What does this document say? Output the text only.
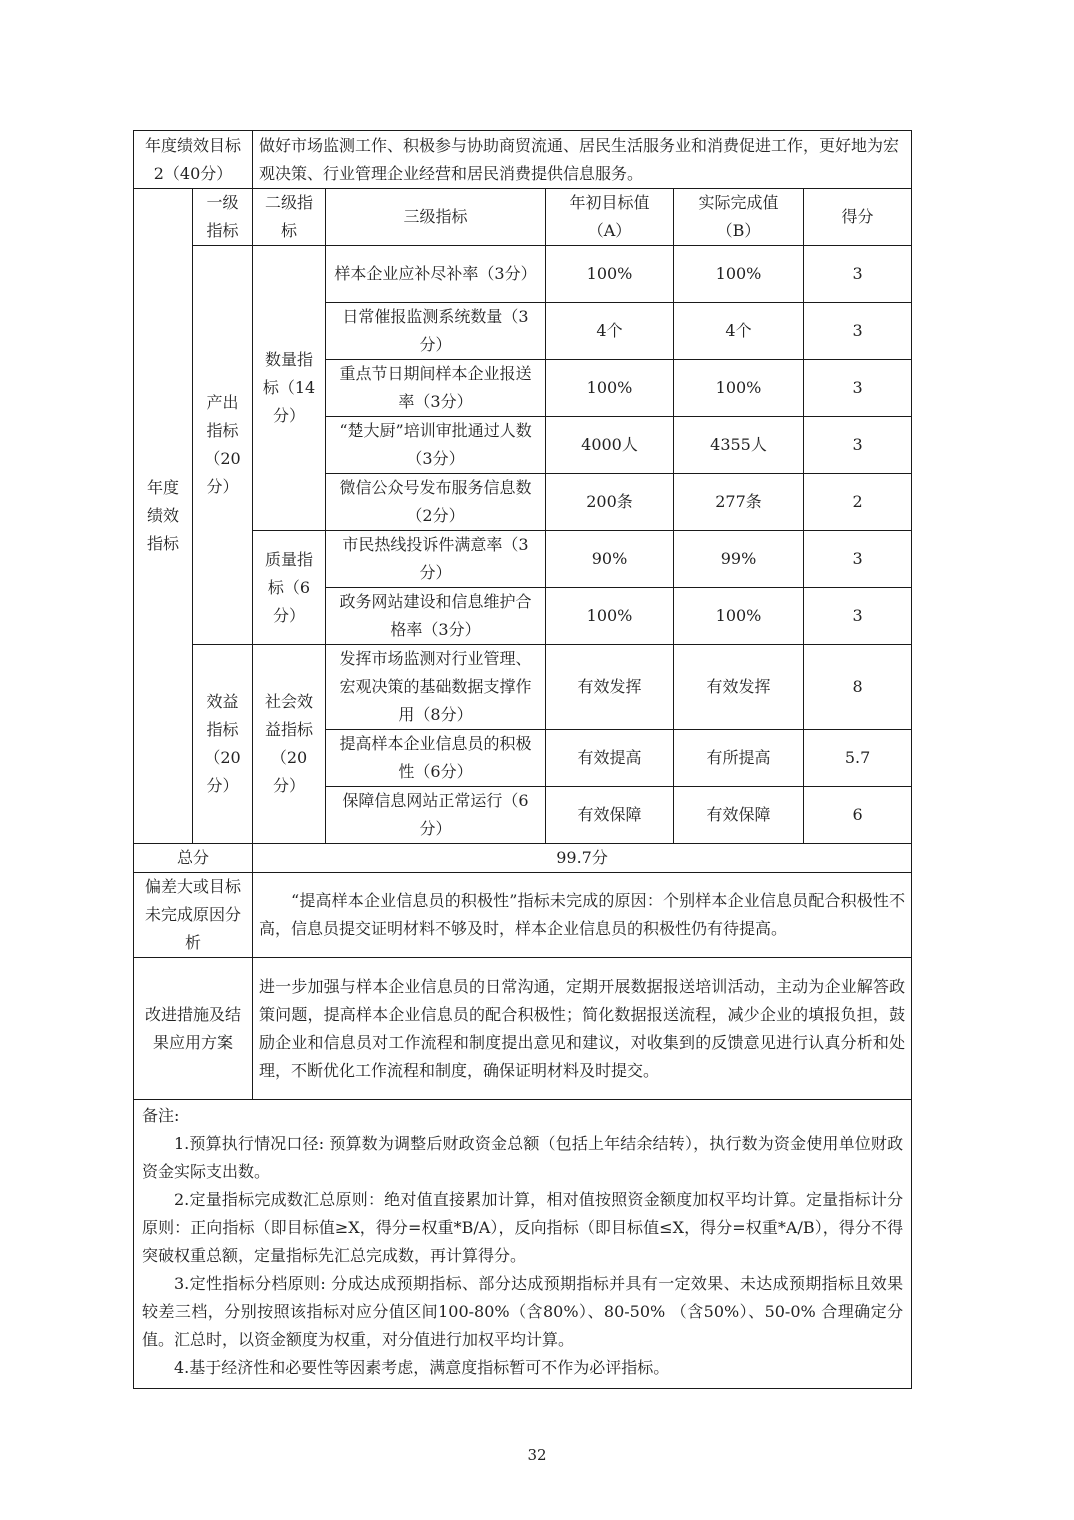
年度绩效目标2（40分）		做好市场监测工作、积极参与协助商贸流通、居民生活服务业和消费促进工作，更好地为宏观决策、行业管理企业经营和居民消费提供信息服务。				
年度绩效指标	一级指标	二级指标	三级指标	年初目标值（A）	实际完成值（B）	得分
	产出指标（20分）	数量指标（14分）	样本企业应补尽补率（3分）	100%	100%	3
			日常催报监测系统数量（3分）	4个	4个	3
			重点节日期间样本企业报送率（3分）	100%	100%	3
			“楚大厨”培训审批通过人数（3分）	4000人	4355人	3
			微信公众号发布服务信息数（2分）	200条	277条	2
		质量指标（6分）	市民热线投诉件满意率（3分）	90%	99%	3
			政务网站建设和信息维护合格率（3分）	100%	100%	3
	效益指标（20分）	社会效益指标（20分）	发挥市场监测对行业管理、宏观决策的基础数据支撑作用（8分）	有效发挥	有效发挥	8
			提高样本企业信息员的积极性（6分）	有效提高	有所提高	5.7
			保障信息网站正常运行（6分）	有效保障	有效保障	6
总分		99.7分				
偏差大或目标未完成原因分析		“提高样本企业信息员的积极性”指标未完成的原因：个别样本企业信息员配合积极性不高，信息员提交证明材料不够及时，样本企业信息员的积极性仍有待提高。				
改进措施及结果应用方案		进一步加强与样本企业信息员的日常沟通，定期开展数据报送培训活动，主动为企业解答政策问题，提高样本企业信息员的配合积极性；简化数据报送流程，减少企业的填报负担，鼓励企业和信息员对工作流程和制度提出意见和建议，对收集到的反馈意见进行认真分析和处理，不断优化工作流程和制度，确保证明材料及时提交。				

备注:
1.预算执行情况口径: 预算数为调整后财政资金总额（包括上年结余结转），执行数为资金使用单位财政资金实际支出数。
2.定量指标完成数汇总原则：绝对值直接累加计算，相对值按照资金额度加权平均计算。定量指标计分原则：正向指标（即目标值≥X，得分=权重*B/A），反向指标（即目标值≤X，得分=权重*A/B），得分不得突破权重总额，定量指标先汇总完成数，再计算得分。
3.定性指标分档原则: 分成达成预期指标、部分达成预期指标并具有一定效果、未达成预期指标且效果较差三档，分别按照该指标对应分值区间100-80%（含80%）、80-50% （含50%）、50-0% 合理确定分值。汇总时，以资金额度为权重，对分值进行加权平均计算。
4.基于经济性和必要性等因素考虑，满意度指标暂可不作为必评指标。						
32
